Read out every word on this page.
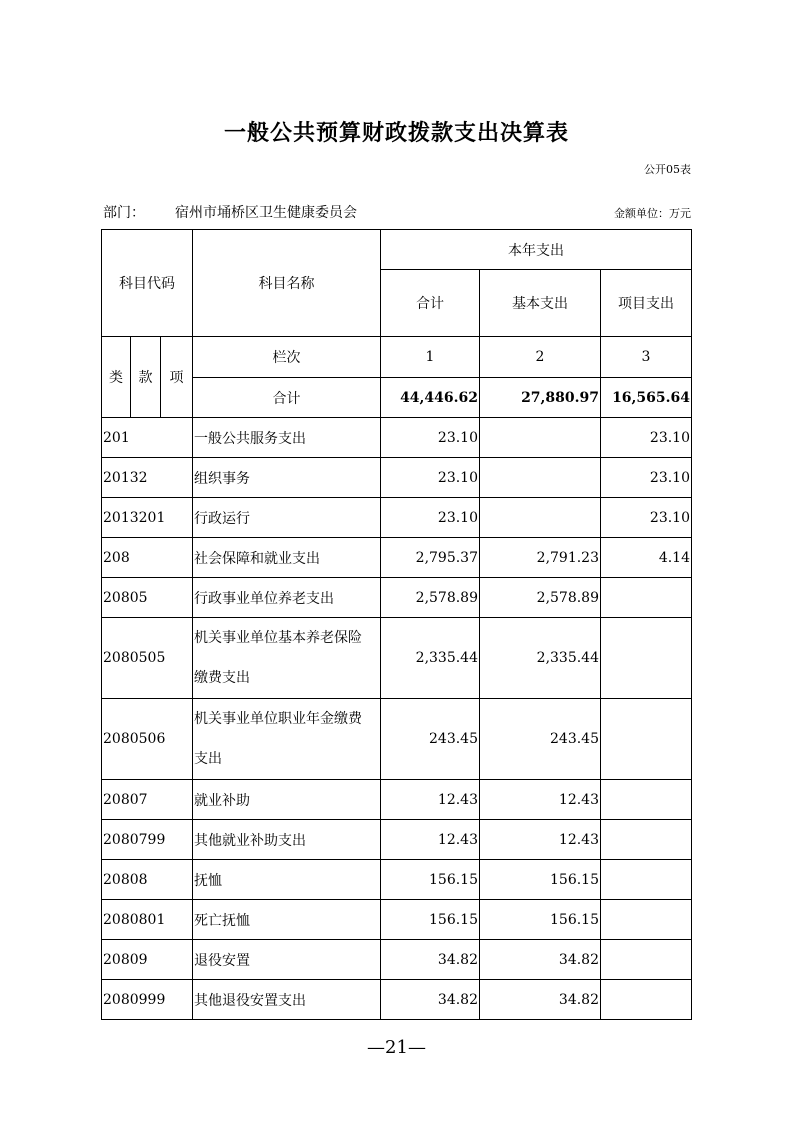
一般公共预算财政拨款支出决算表
公开05表
部门： 宿州市埇桥区卫生健康委员会	金额单位：万元
科目代码			科目名称	本年支出		
				合计	基本支出	项目支出
类	款	项	栏次	1	2	3
			合计	44,446.62	27,880.97	16,565.64
201			一般公共服务支出	23.10		23.10
20132			组织事务	23.10		23.10
2013201			行政运行	23.10		23.10
208			社会保障和就业支出	2,795.37	2,791.23	4.14
20805			行政事业单位养老支出	2,578.89	2,578.89	
2080505			机关事业单位基本养老保险
缴费支出	2,335.44	2,335.44	
2080506			机关事业单位职业年金缴费
支出	243.45	243.45	
20807			就业补助	12.43	12.43	
2080799			其他就业补助支出	12.43	12.43	
20808			抚恤	156.15	156.15	
2080801			死亡抚恤	156.15	156.15	
20809			退役安置	34.82	34.82	
2080999			其他退役安置支出	34.82	34.82	
—21—
